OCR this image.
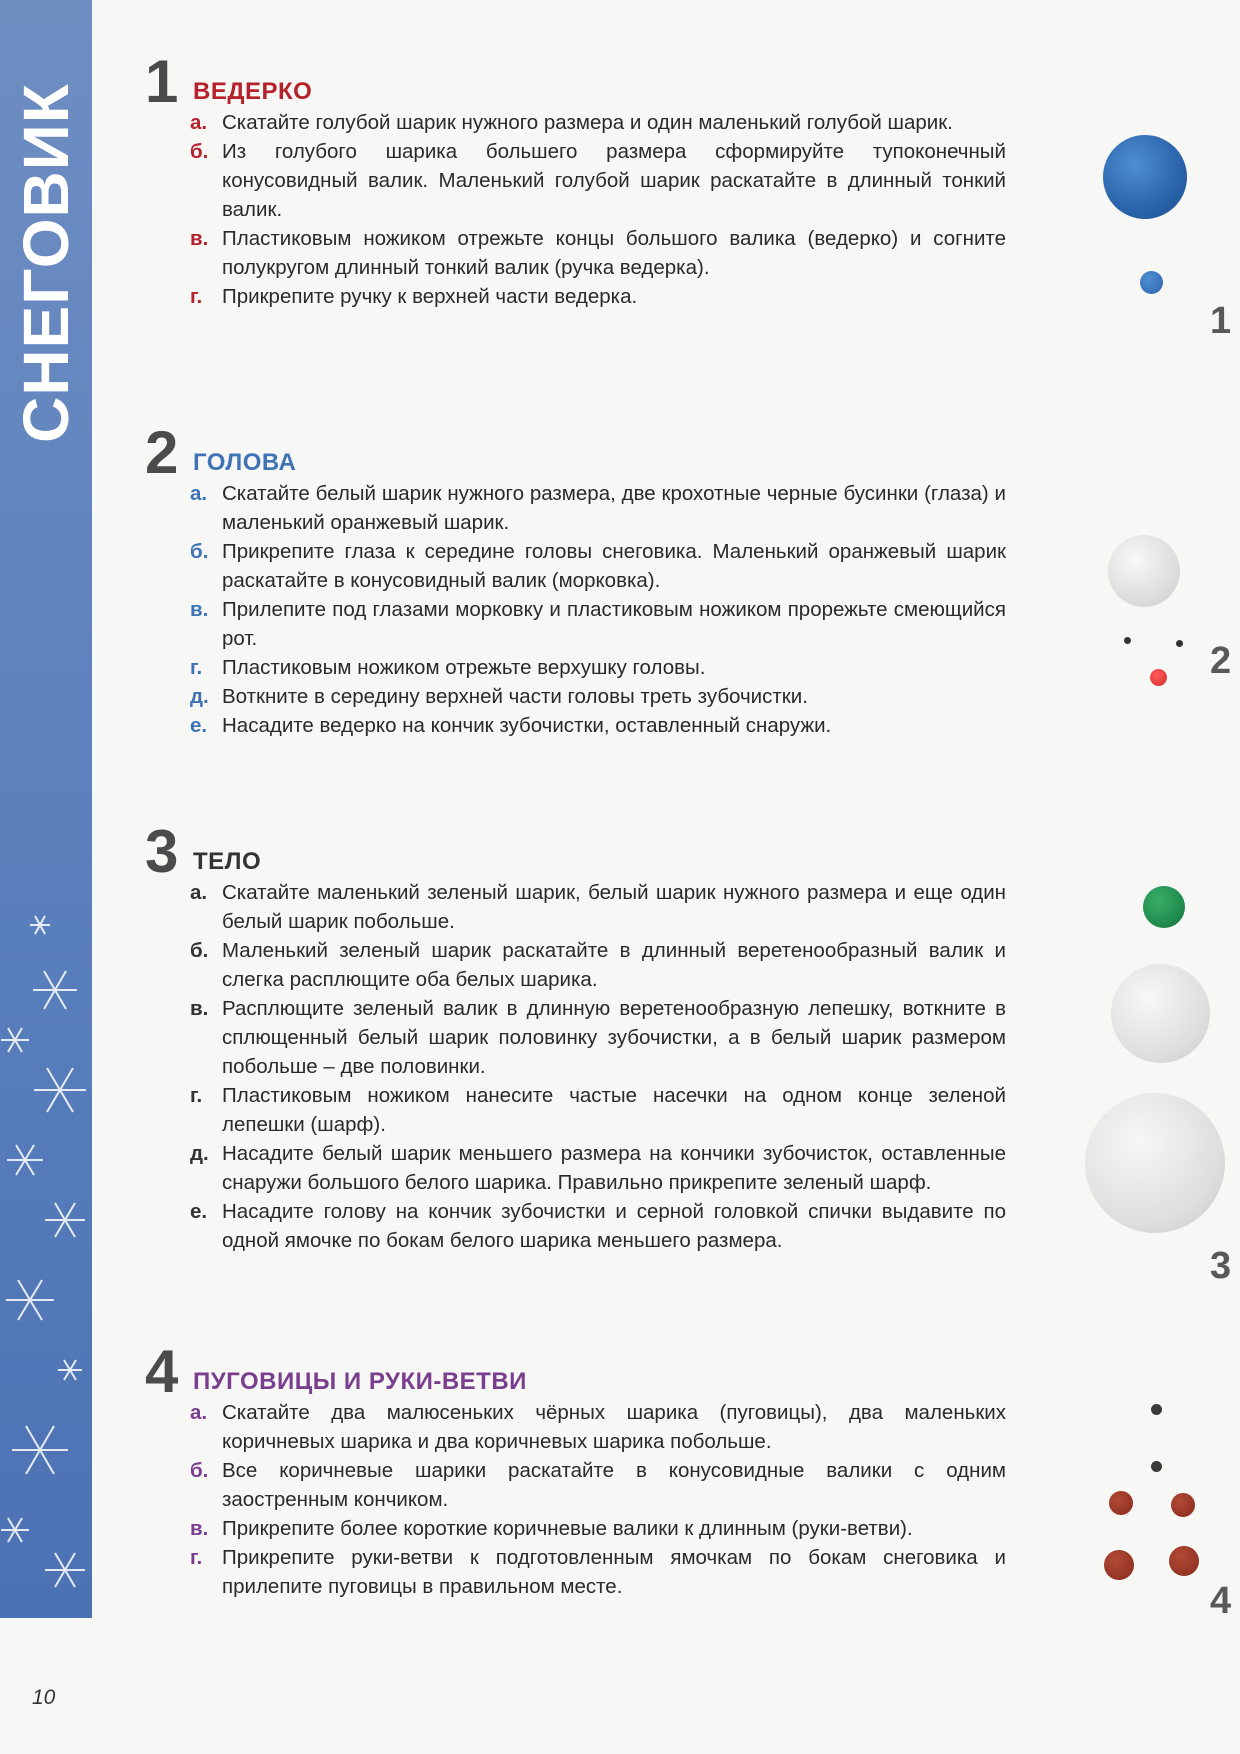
СНЕГОВИК
1 ВЕДЕРКО
а. Скатайте голубой шарик нужного размера и один маленький голубой шарик.
б. Из голубого шарика большего размера сформируйте тупоконечный конусовидный валик. Маленький голубой шарик раскатайте в длинный тонкий валик.
в. Пластиковым ножиком отрежьте концы большого валика (ведерко) и согните полукругом длинный тонкий валик (ручка ведерка).
г. Прикрепите ручку к верхней части ведерка.
2 ГОЛОВА
а. Скатайте белый шарик нужного размера, две крохотные черные бусинки (глаза) и маленький оранжевый шарик.
б. Прикрепите глаза к середине головы снеговика. Маленький оранжевый шарик раскатайте в конусовидный валик (морковка).
в. Прилепите под глазами морковку и пластиковым ножиком прорежьте смеющийся рот.
г. Пластиковым ножиком отрежьте верхушку головы.
д. Воткните в середину верхней части головы треть зубочистки.
е. Насадите ведерко на кончик зубочистки, оставленный снаружи.
3 ТЕЛО
а. Скатайте маленький зеленый шарик, белый шарик нужного размера и еще один белый шарик побольше.
б. Маленький зеленый шарик раскатайте в длинный веретенообразный валик и слегка расплющите оба белых шарика.
в. Расплющите зеленый валик в длинную веретенообразную лепешку, воткните в сплющенный белый шарик половинку зубочистки, а в белый шарик размером побольше – две половинки.
г. Пластиковым ножиком нанесите частые насечки на одном конце зеленой лепешки (шарф).
д. Насадите белый шарик меньшего размера на кончики зубочисток, оставленные снаружи большого белого шарика. Правильно прикрепите зеленый шарф.
е. Насадите голову на кончик зубочистки и серной головкой спички выдавите по одной ямочке по бокам белого шарика меньшего размера.
4 ПУГОВИЦЫ И РУКИ-ВЕТВИ
а. Скатайте два малюсеньких чёрных шарика (пуговицы), два маленьких коричневых шарика и два коричневых шарика побольше.
б. Все коричневые шарики раскатайте в конусовидные валики с одним заостренным кончиком.
в. Прикрепите более короткие коричневые валики к длинным (руки-ветви).
г. Прикрепите руки-ветви к подготовленным ямочкам по бокам снеговика и прилепите пуговицы в правильном месте.
1
2
3
4
10
